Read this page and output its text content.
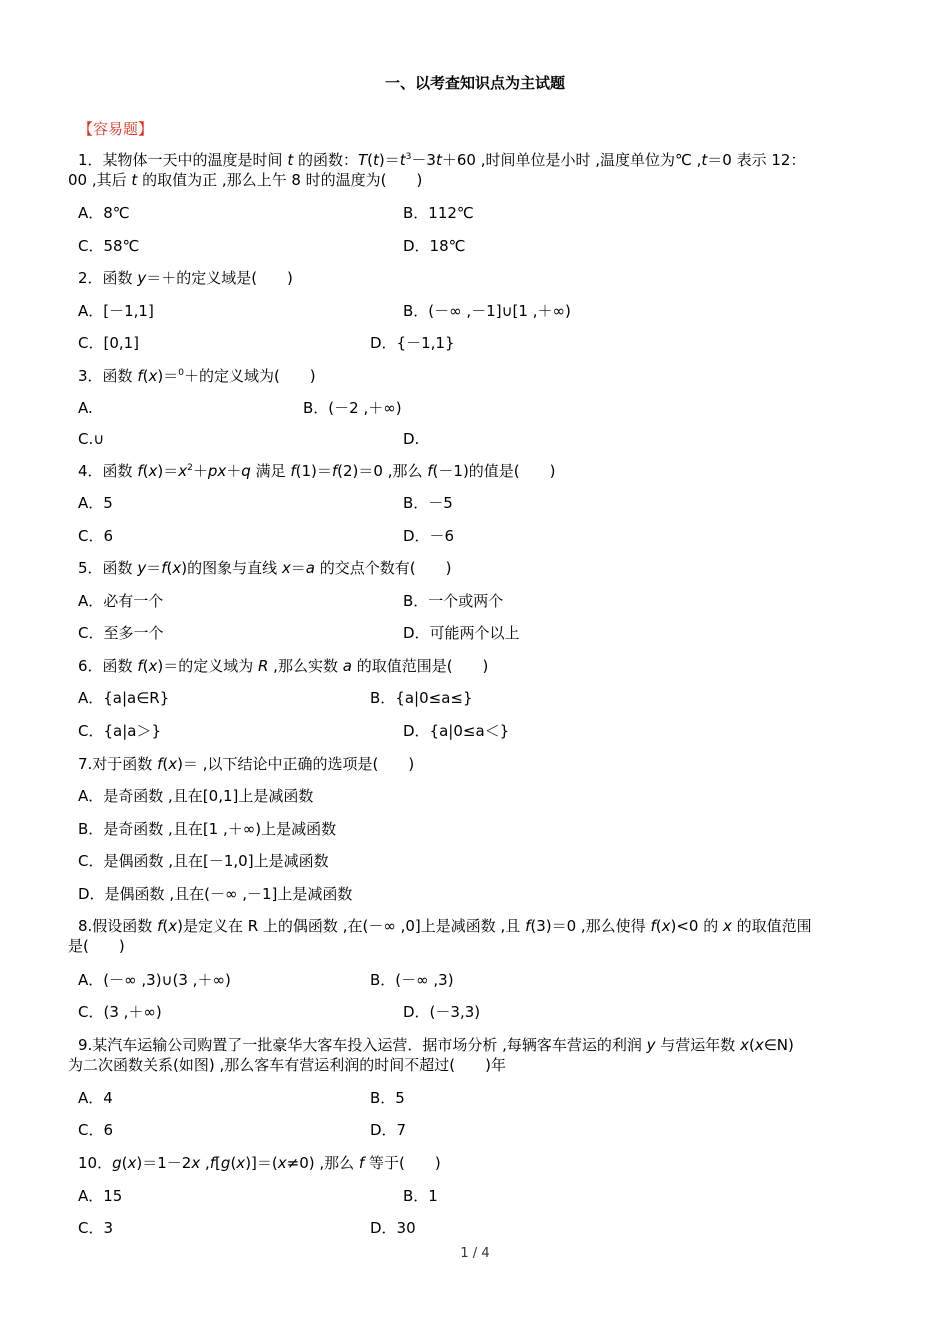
一、以考查知识点为主试题
【容易题】
1．某物体一天中的温度是时间 t 的函数：$T(t)=t^3-3t+60$ ,时间单位是小时 ,温度单位为℃ ,t＝0 表示 12：
00 ,其后 t 的取值为正 ,那么上午 8 时的温度为(　　)
A．8℃	B．112℃
C．58℃	D．18℃
2．函数 y＝＋的定义域是(　　)
A．[－1,1]	B．(－∞ ,－1]∪[1 ,＋∞)
C．[0,1]	D．{－1,1}
3．函数 f(x)＝$^0$＋的定义域为(　　)
A.	B．(－2 ,＋∞)
C.∪	D.
4．函数 $f(x)=x^2+px+q$ 满足 f(1)＝f(2)＝0 ,那么 f(－1)的值是(　　)
A．5	B．－5
C．6	D．－6
5．函数 y＝f(x)的图象与直线 x＝a 的交点个数有(　　)
A．必有一个	B．一个或两个
C．至多一个	D．可能两个以上
6．函数 f(x)＝的定义域为 R ,那么实数 a 的取值范围是(　　)
A．{a|a∈R}	B．{a|0≤a≤}
C．{a|a＞}	D．{a|0≤a＜}
7.对于函数 f(x)＝ ,以下结论中正确的选项是(　　)
A．是奇函数 ,且在[0,1]上是减函数
B．是奇函数 ,且在[1 ,＋∞)上是减函数
C．是偶函数 ,且在[－1,0]上是减函数
D．是偶函数 ,且在(－∞ ,－1]上是减函数
8.假设函数 f(x)是定义在 R 上的偶函数 ,在(－∞ ,0]上是减函数 ,且 f(3)＝0 ,那么使得 f(x)<0 的 x 的取值范围
是(　　)
A．(－∞ ,3)∪(3 ,＋∞)	B．(－∞ ,3)
C．(3 ,＋∞)	D．(－3,3)
9.某汽车运输公司购置了一批豪华大客车投入运营．据市场分析 ,每辆客车营运的利润 y 与营运年数 x(x∈N)
为二次函数关系(如图) ,那么客车有营运利润的时间不超过(　　)年
A．4	B．5
C．6	D．7
10．g(x)＝1－2x ,f[g(x)]＝(x≠0) ,那么 f 等于(　　)
A．15	B．1
C．3	D．30
1 / 4
